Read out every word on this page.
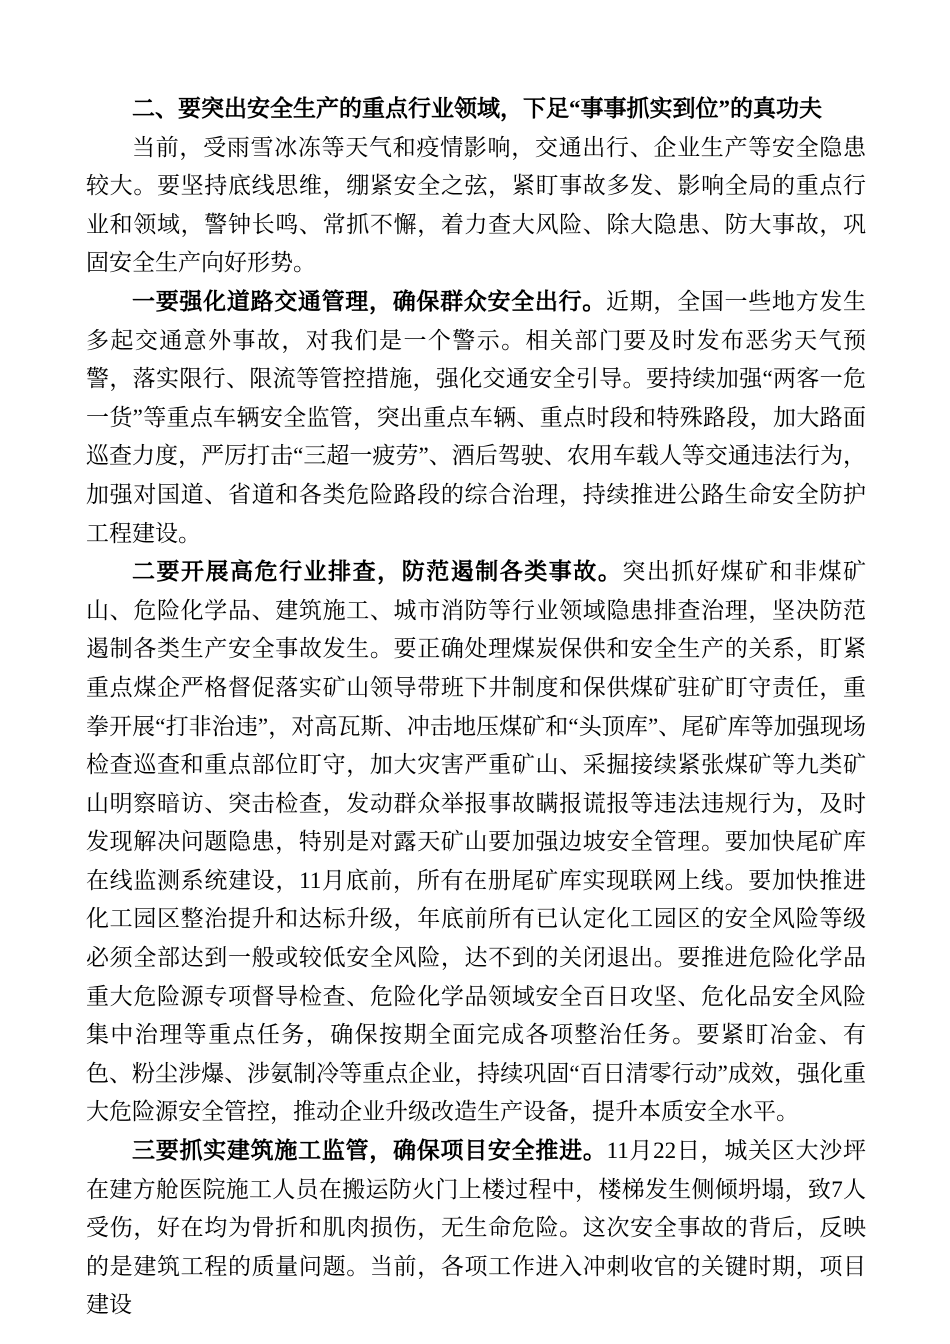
二、要突出安全生产的重点行业领域，下足“事事抓实到位”的真功夫

当前，受雨雪冰冻等天气和疫情影响，交通出行、企业生产等安全隐患较大。要坚持底线思维，绷紧安全之弦，紧盯事故多发、影响全局的重点行业和领域，警钟长鸣、常抓不懈，着力查大风险、除大隐患、防大事故，巩固安全生产向好形势。

一要强化道路交通管理，确保群众安全出行。近期，全国一些地方发生多起交通意外事故，对我们是一个警示。相关部门要及时发布恶劣天气预警，落实限行、限流等管控措施，强化交通安全引导。要持续加强“两客一危一货”等重点车辆安全监管，突出重点车辆、重点时段和特殊路段，加大路面巡查力度，严厉打击“三超一疲劳”、酒后驾驶、农用车载人等交通违法行为，加强对国道、省道和各类危险路段的综合治理，持续推进公路生命安全防护工程建设。

二要开展高危行业排查，防范遏制各类事故。突出抓好煤矿和非煤矿山、危险化学品、建筑施工、城市消防等行业领域隐患排查治理，坚决防范遏制各类生产安全事故发生。要正确处理煤炭保供和安全生产的关系，盯紧重点煤企严格督促落实矿山领导带班下井制度和保供煤矿驻矿盯守责任，重拳开展“打非治违”，对高瓦斯、冲击地压煤矿和“头顶库”、尾矿库等加强现场检查巡查和重点部位盯守，加大灾害严重矿山、采掘接续紧张煤矿等九类矿山明察暗访、突击检查，发动群众举报事故瞒报谎报等违法违规行为，及时发现解决问题隐患，特别是对露天矿山要加强边坡安全管理。要加快尾矿库在线监测系统建设，11月底前，所有在册尾矿库实现联网上线。要加快推进化工园区整治提升和达标升级，年底前所有已认定化工园区的安全风险等级必须全部达到一般或较低安全风险，达不到的关闭退出。要推进危险化学品重大危险源专项督导检查、危险化学品领域安全百日攻坚、危化品安全风险集中治理等重点任务，确保按期全面完成各项整治任务。要紧盯冶金、有色、粉尘涉爆、涉氨制冷等重点企业，持续巩固“百日清零行动”成效，强化重大危险源安全管控，推动企业升级改造生产设备，提升本质安全水平。

三要抓实建筑施工监管，确保项目安全推进。11月22日，城关区大沙坪在建方舱医院施工人员在搬运防火门上楼过程中，楼梯发生侧倾坍塌，致7人受伤，好在均为骨折和肌肉损伤，无生命危险。这次安全事故的背后，反映的是建筑工程的质量问题。当前，各项工作进入冲刺收官的关键时期，项目建设
